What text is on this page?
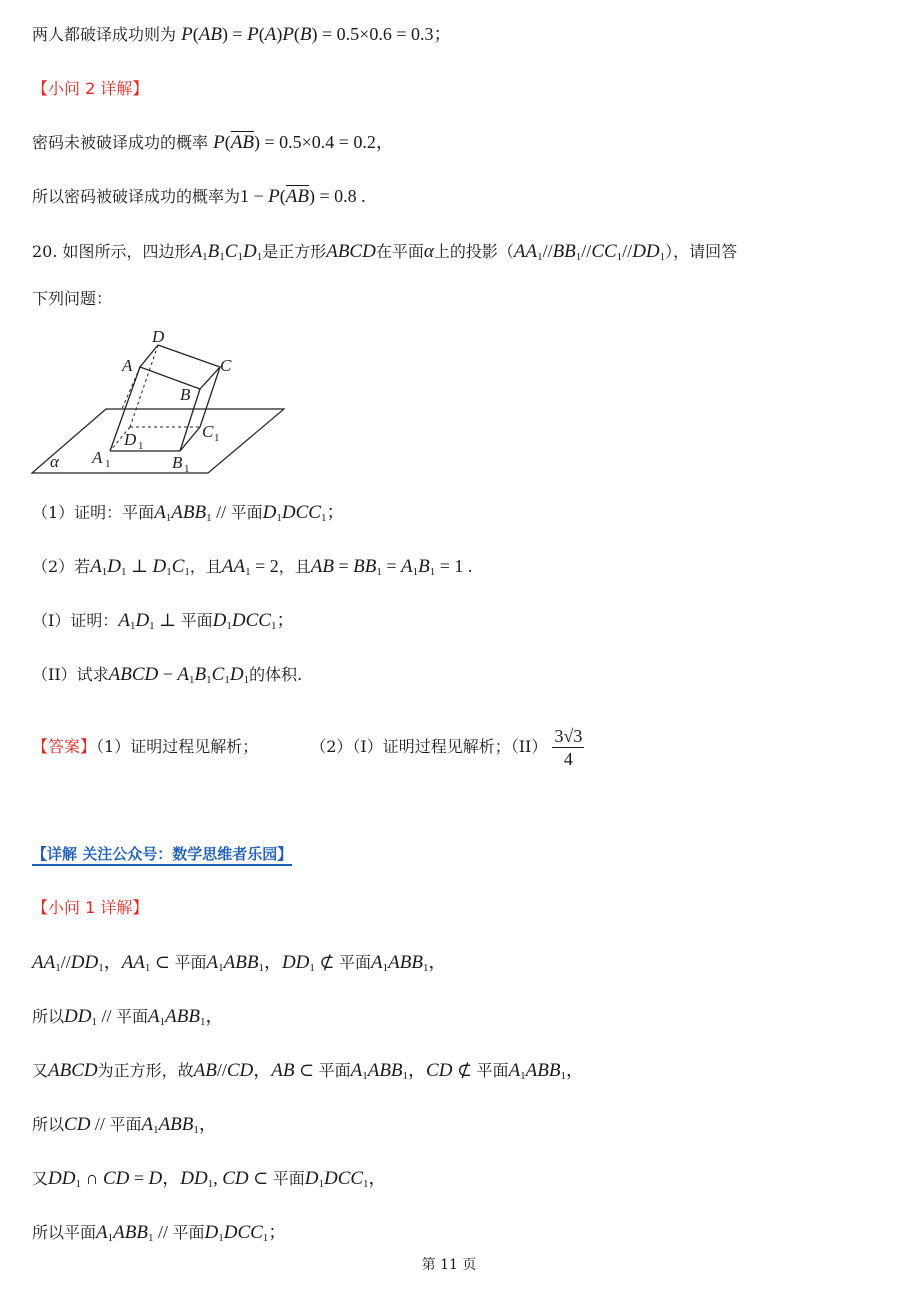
两人都破译成功则为 P(AB) = P(A)P(B) = 0.5×0.6 = 0.3；
【小问 2 详解】
密码未被破译成功的概率 $P(\overline{AB}) = 0.5\times 0.4 = 0.2$，
所以密码被破译成功的概率为$1 - P(\overline{AB}) = 0.8$ .
20. 如图所示，四边形$A_1B_1C_1D_1$是正方形ABCD在平面α上的投影$(AA_1//BB_1//CC_1//DD_1)$，请回答
下列问题：
D
A	C
B
C
D
A	B
α
1
1
1	1
（1）证明：平面$A_1ABB_1$ // 平面$D_1DCC_1$；
（2）若$A_1D_1$ ⊥ $D_1C_1$，且$AA_1 = 2$，且AB = $BB_1 = A_1B_1 = 1$ .
（I）证明：$A_1D_1$ ⊥ 平面$D_1DCC_1$；
（II）试求ABCD − $A_1B_1C_1D_1$的体积.
【答案】（1）证明过程见解析；	（2）（I）证明过程见解析；$(II) \frac{3√3}{4}$
【详解 关注公众号：数学思维者乐园】
【小问 1 详解】
$AA_1//DD_1$，$AA_1$ ⊂ 平面$A_1ABB_1$，$DD_1$ ⊄ 平面$A_1ABB_1$，
所以$DD_1$ // 平面$A_1ABB_1$，
又ABCD为正方形，故AB//CD，AB ⊂ 平面$A_1ABB_1$，CD ⊄ 平面$A_1ABB_1$，
所以CD // 平面$A_1ABB_1$，
又$DD_1$ ∩ CD = D，$DD_1$, CD ⊂ 平面$D_1DCC_1$，
所以平面$A_1ABB_1$ // 平面$D_1DCC_1$；
第 11 页
